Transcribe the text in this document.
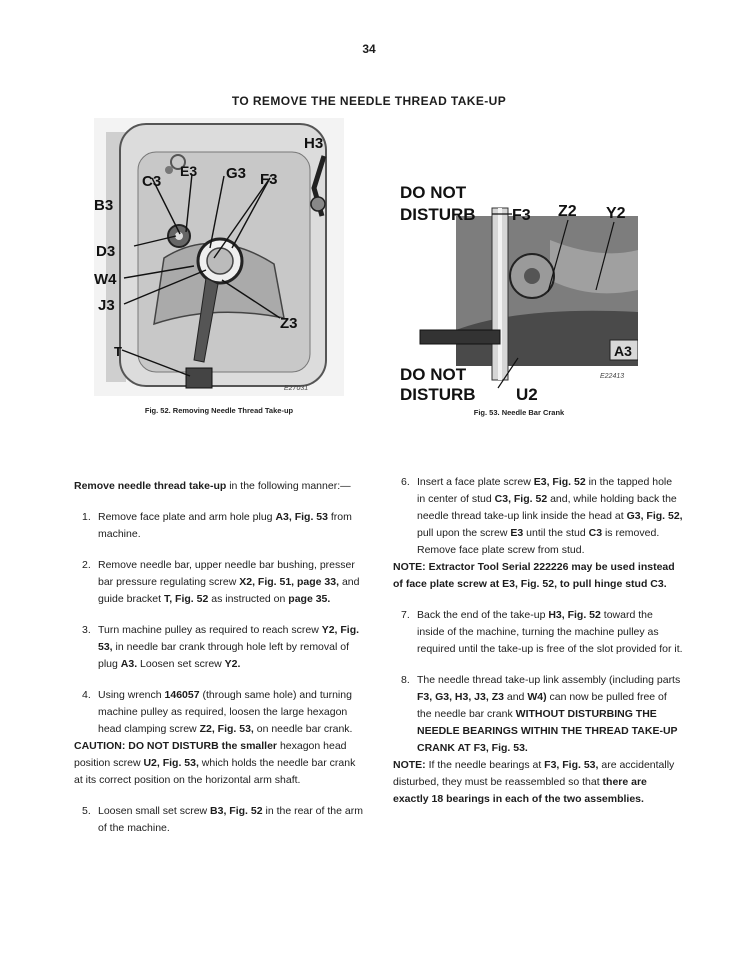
34
TO REMOVE THE NEEDLE THREAD TAKE-UP
H3
C3
E3 G3 F3
B3
D3
W4
J3
Z3
T
E27031
Fig. 52. Removing Needle Thread Take-up
DO NOT
DISTURB F3 Z2 Y2
A3
DO NOT
DISTURB U2
E22413
Fig. 53. Needle Bar Crank

Remove needle thread take-up in the following manner:—

1. Remove face plate and arm hole plug A3, Fig. 53 from machine.
2. Remove needle bar, upper needle bar bushing, presser bar pressure regulating screw X2, Fig. 51, page 33, and guide bracket T, Fig. 52 as instructed on page 35.
3. Turn machine pulley as required to reach screw Y2, Fig. 53, in needle bar crank through hole left by removal of plug A3. Loosen set screw Y2.
4. Using wrench 146057 (through same hole) and turning machine pulley as required, loosen the large hexagon head clamping screw Z2, Fig. 53, on needle bar crank.

CAUTION: DO NOT DISTURB the smaller hexagon head position screw U2, Fig. 53, which holds the needle bar crank at its correct position on the horizontal arm shaft.

5. Loosen small set screw B3, Fig. 52 in the rear of the arm of the machine.
6. Insert a face plate screw E3, Fig. 52 in the tapped hole in center of stud C3, Fig. 52 and, while holding back the needle thread take-up link inside the head at G3, Fig. 52, pull upon the screw E3 until the stud C3 is removed. Remove face plate screw from stud.

NOTE: Extractor Tool Serial 222226 may be used instead of face plate screw at E3, Fig. 52, to pull hinge stud C3.

7. Back the end of the take-up H3, Fig. 52 toward the inside of the machine, turning the machine pulley as required until the take-up is free of the slot provided for it.
8. The needle thread take-up link assembly (including parts F3, G3, H3, J3, Z3 and W4) can now be pulled free of the needle bar crank WITHOUT DISTURBING THE NEEDLE BEARINGS WITHIN THE THREAD TAKE-UP CRANK AT F3, Fig. 53.

NOTE: If the needle bearings at F3, Fig. 53, are accidentally disturbed, they must be reassembled so that there are exactly 18 bearings in each of the two assemblies.
